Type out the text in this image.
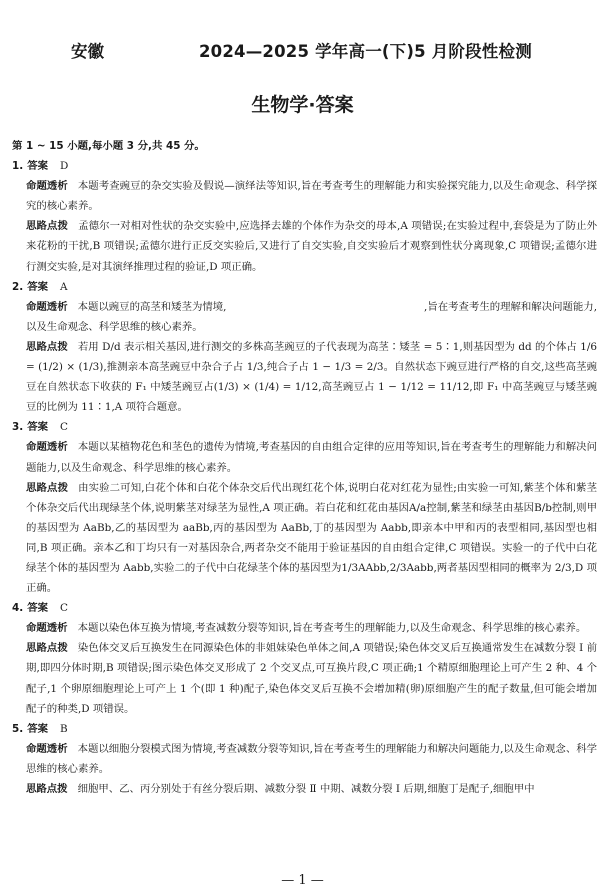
安徽	2024—2025 学年高一(下)5 月阶段性检测
生物学·答案
第 1 ~ 15 小题,每小题 3 分,共 45 分。
1. 答案 D
命题透析 本题考查豌豆的杂交实验及假说—演绎法等知识,旨在考查考生的理解能力和实验探究能力,以及生命观念、科学探究的核心素养。
思路点拨 孟德尔一对相对性状的杂交实验中,应选择去雄的个体作为杂交的母本,A 项错误;在实验过程中,套袋是为了防止外来花粉的干扰,B 项错误;孟德尔进行正反交实验后,又进行了自交实验,自交实验后才观察到性状分离现象,C 项错误;孟德尔进行测交实验,是对其演绎推理过程的验证,D 项正确。
2. 答案 A
命题透析 本题以豌豆的高茎和矮茎为情境,　　　　　　　　　　　　　　　　　　　,旨在考查考生的理解和解决问题能力,以及生命观念、科学思维的核心素养。
思路点拨 若用 D/d 表示相关基因,进行测交的多株高茎豌豆的子代表现为高茎∶矮茎 = 5∶1,则基因型为 dd 的个体占 1/6 = (1/2) × (1/3),推测亲本高茎豌豆中杂合子占 1/3,纯合子占 1 − 1/3 = 2/3。自然状态下豌豆进行严格的自交,这些高茎豌豆在自然状态下收获的 F₁ 中矮茎豌豆占(1/3) × (1/4) = 1/12,高茎豌豆占 1 − 1/12 = 11/12,即 F₁ 中高茎豌豆与矮茎豌豆的比例为 11∶1,A 项符合题意。
3. 答案 C
命题透析 本题以某植物花色和茎色的遗传为情境,考查基因的自由组合定律的应用等知识,旨在考查考生的理解能力和解决问题能力,以及生命观念、科学思维的核心素养。
思路点拨 由实验二可知,白花个体和白花个体杂交后代出现红花个体,说明白花对红花为显性;由实验一可知,紫茎个体和紫茎个体杂交后代出现绿茎个体,说明紫茎对绿茎为显性,A 项正确。若白花和红花由基因A/a控制,紫茎和绿茎由基因B/b控制,则甲的基因型为 AaBb,乙的基因型为 aaBb,丙的基因型为 AaBb,丁的基因型为 Aabb,即亲本中甲和丙的表型相同,基因型也相同,B 项正确。亲本乙和丁均只有一对基因杂合,两者杂交不能用于验证基因的自由组合定律,C 项错误。实验一的子代中白花绿茎个体的基因型为 Aabb,实验二的子代中白花绿茎个体的基因型为1/3AAbb,2/3Aabb,两者基因型相同的概率为 2/3,D 项正确。
4. 答案 C
命题透析 本题以染色体互换为情境,考查减数分裂等知识,旨在考查考生的理解能力,以及生命观念、科学思维的核心素养。
思路点拨 染色体交叉后互换发生在同源染色体的非姐妹染色单体之间,A 项错误;染色体交叉后互换通常发生在减数分裂 Ⅰ 前期,即四分体时期,B 项错误;图示染色体交叉形成了 2 个交叉点,可互换片段,C 项正确;1 个精原细胞理论上可产生 2 种、4 个配子,1 个卵原细胞理论上可产上 1 个(即 1 种)配子,染色体交叉后互换不会增加精(卵)原细胞产生的配子数量,但可能会增加配子的种类,D 项错误。
5. 答案 B
命题透析 本题以细胞分裂模式图为情境,考查减数分裂等知识,旨在考查考生的理解能力和解决问题能力,以及生命观念、科学思维的核心素养。
思路点拨 细胞甲、乙、丙分别处于有丝分裂后期、减数分裂 Ⅱ 中期、减数分裂 Ⅰ 后期,细胞丁是配子,细胞甲中
— 1 —
